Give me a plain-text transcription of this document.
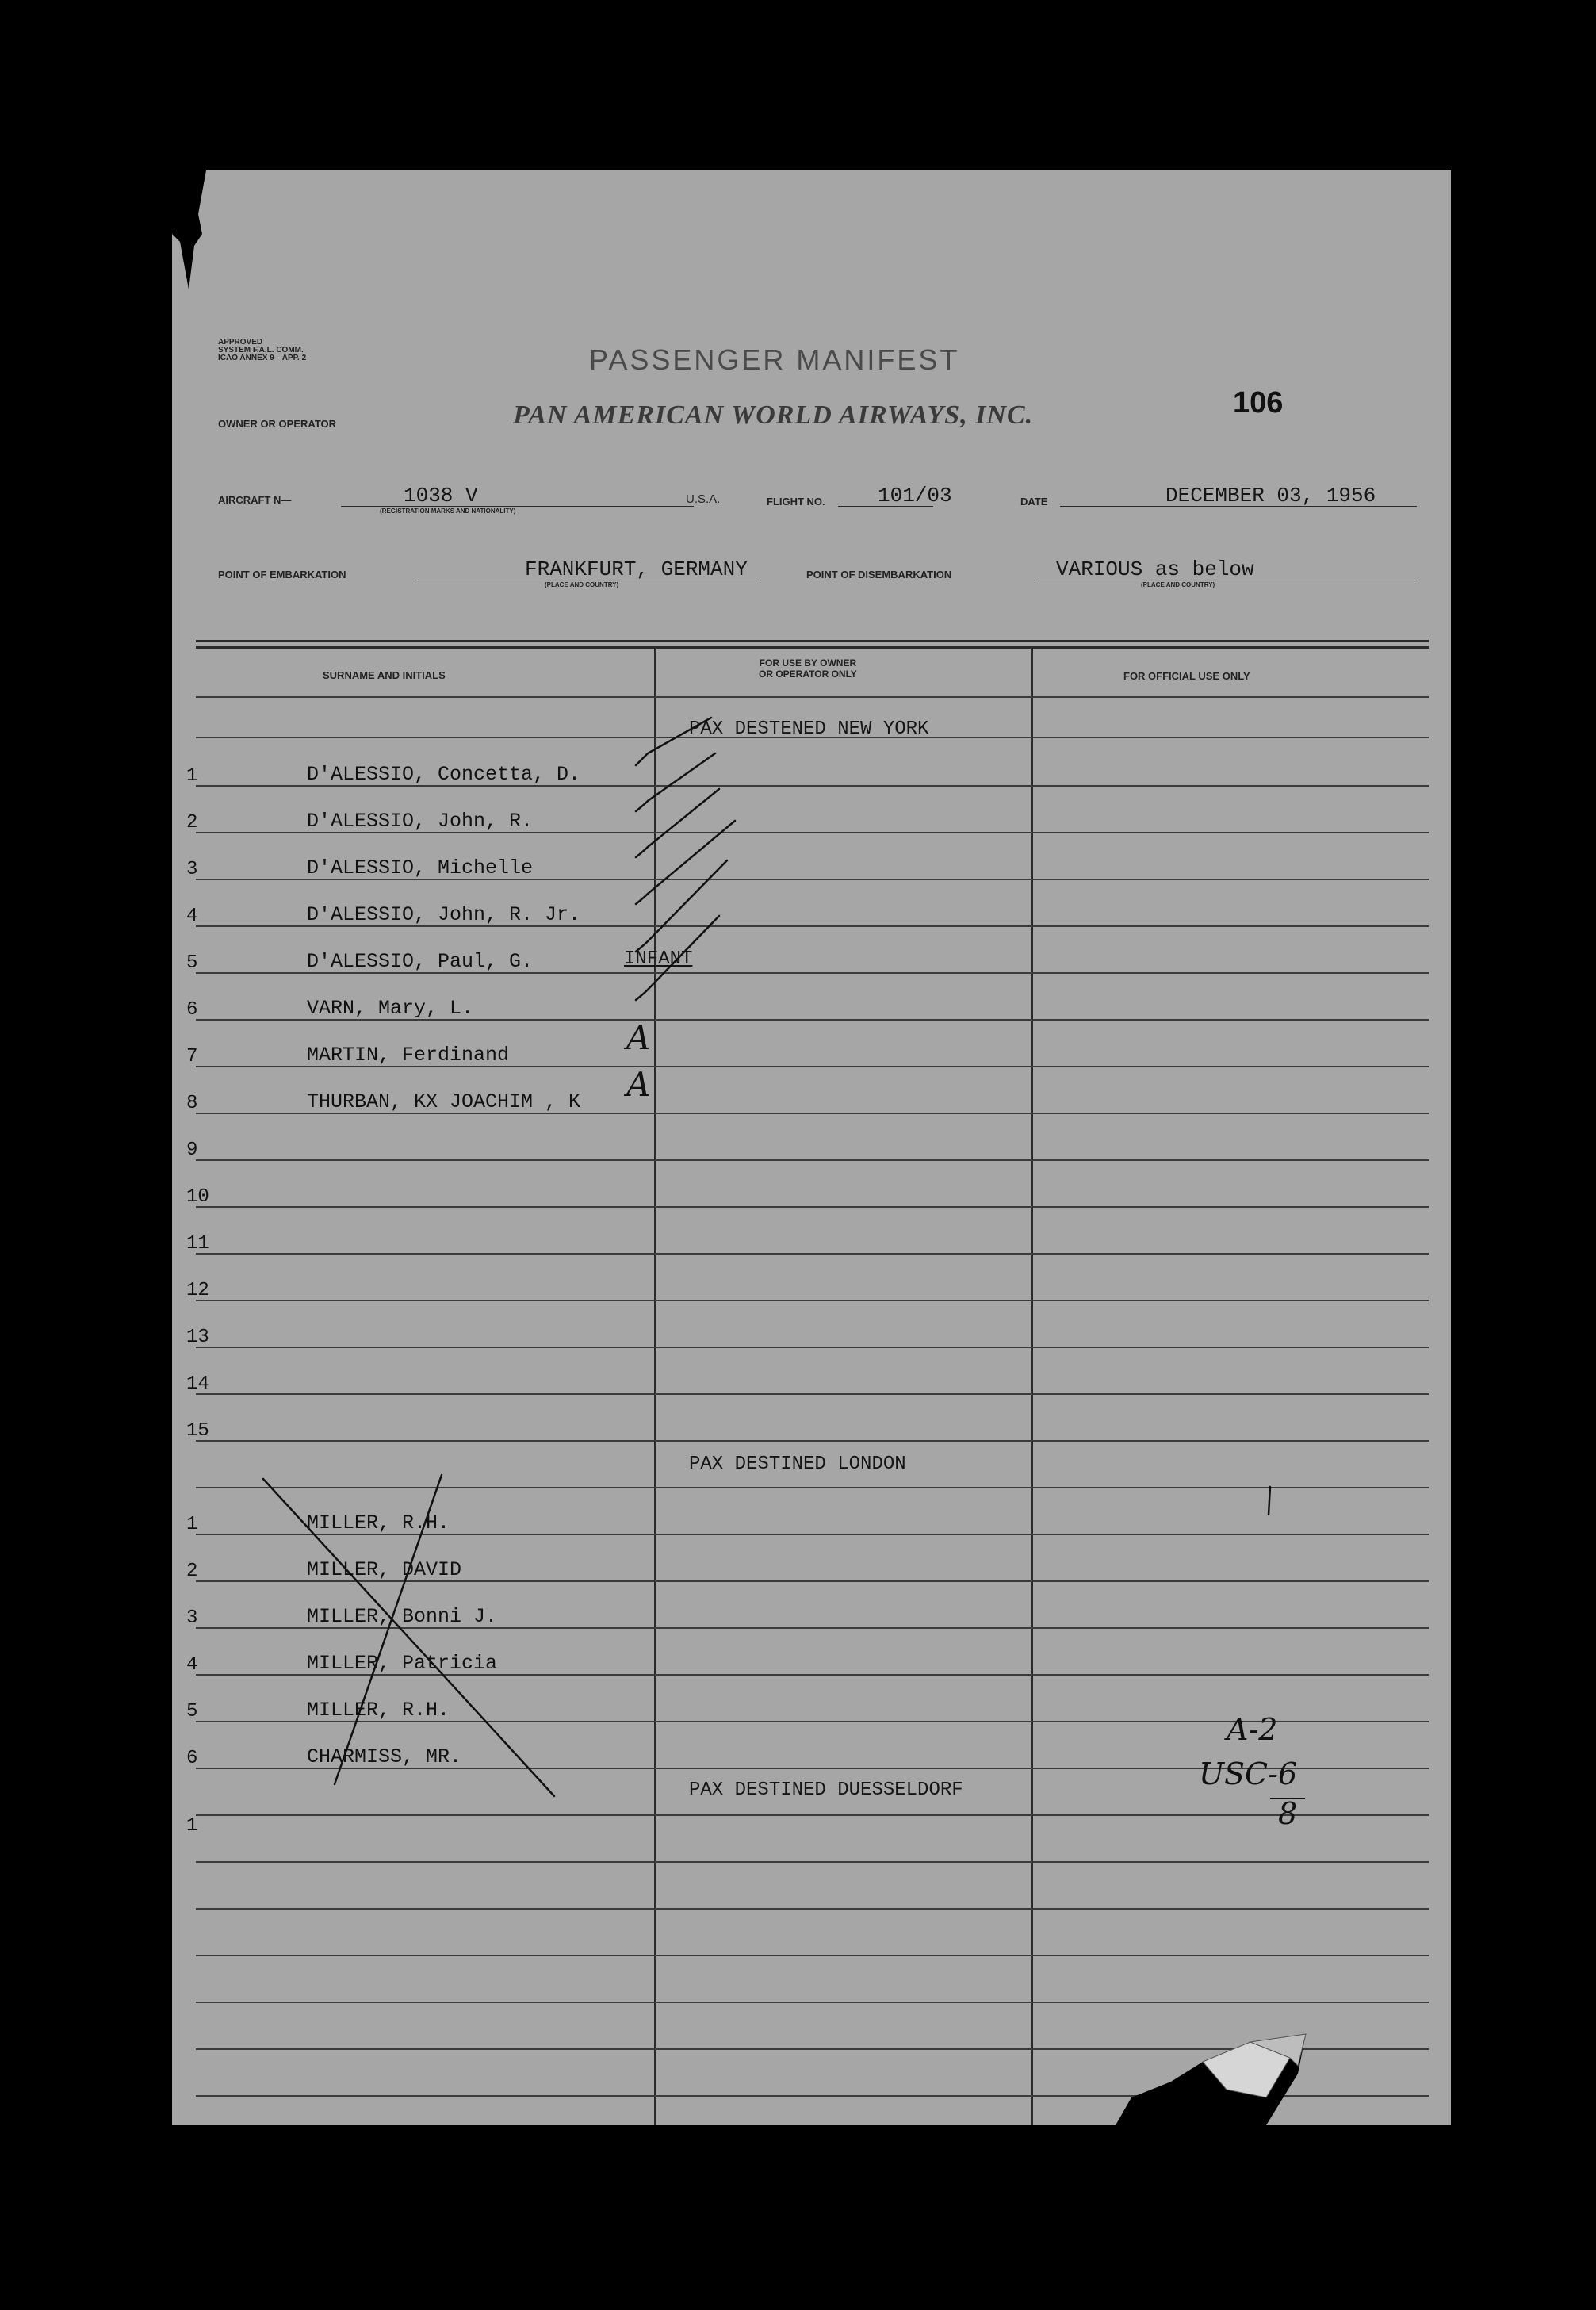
APPROVED
SYSTEM F.A.L. COMM.
ICAO ANNEX 9—APP. 2	PASSENGER MANIFEST
OWNER OR OPERATOR	PAN AMERICAN WORLD AIRWAYS, INC.	106
AIRCRAFT N—	1038 V
(REGISTRATION MARKS AND NATIONALITY)
U.S.A.	FLIGHT NO.	101/03	DATE	DECEMBER 03, 1956
POINT OF EMBARKATION	FRANKFURT, GERMANY
(PLACE AND COUNTRY)
POINT OF DISEMBARKATION	VARIOUS as below
(PLACE AND COUNTRY)
SURNAME AND INITIALS
FOR USE BY OWNER
OR OPERATOR ONLY	FOR OFFICIAL USE ONLY
PAX DESTENED NEW YORK
1	D'ALESSIO, Concetta, D.
2	D'ALESSIO, John, R.
3	D'ALESSIO, Michelle
4	D'ALESSIO, John, R. Jr.
5	D'ALESSIO, Paul, G.	INFANT
6	VARN, Mary, L.
7	MARTIN, Ferdinand
8	THURBAN, KX JOACHIM , K
9
10
11
12
13
14
15
PAX DESTINED LONDON
1	MILLER, R.H.
2	MILLER, DAVID
3	MILLER, Bonni J.
4	MILLER, Patricia
5	MILLER, R.H.
6	CHARMISS, MR.
PAX DESTINED DUESSELDORF
1
A
A
A-2
USC-6
8
